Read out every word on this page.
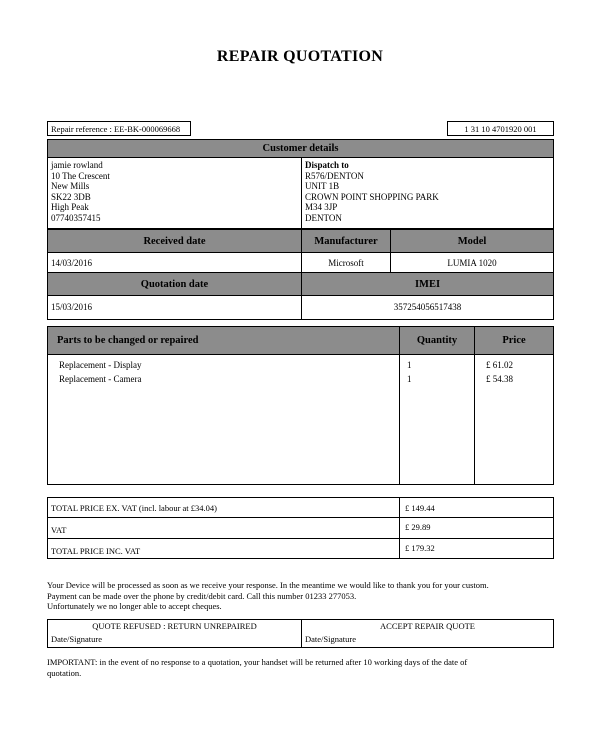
REPAIR QUOTATION
Repair reference : EE-BK-000069668	1 31 10 4701920 001
Customer details
jamie rowland
10 The Crescent
New Mills
SK22 3DB
High Peak
07740357415
Dispatch to
R576/DENTON
UNIT 1B
CROWN POINT SHOPPING PARK
M34 3JP
DENTON
Received date	Manufacturer	Model
14/03/2016	Microsoft	LUMIA 1020
Quotation date	IMEI
15/03/2016	357254056517438
Parts to be changed or repaired	Quantity	Price
Replacement - Display	1	£ 61.02
Replacement - Camera	1	£ 54.38
TOTAL PRICE EX. VAT (incl. labour at £34.04)	£ 149.44
VAT	£ 29.89
TOTAL PRICE INC. VAT	£ 179.32
Your Device will be processed as soon as we receive your response. In the meantime we would like to thank you for your custom.
Payment can be made over the phone by credit/debit card. Call this number 01233 277053.
Unfortunately we no longer able to accept cheques.
QUOTE REFUSED : RETURN UNREPAIRED
Date/Signature
ACCEPT REPAIR QUOTE
Date/Signature
IMPORTANT: in the event of no response to a quotation, your handset will be returned after 10 working days of the date of
quotation.
